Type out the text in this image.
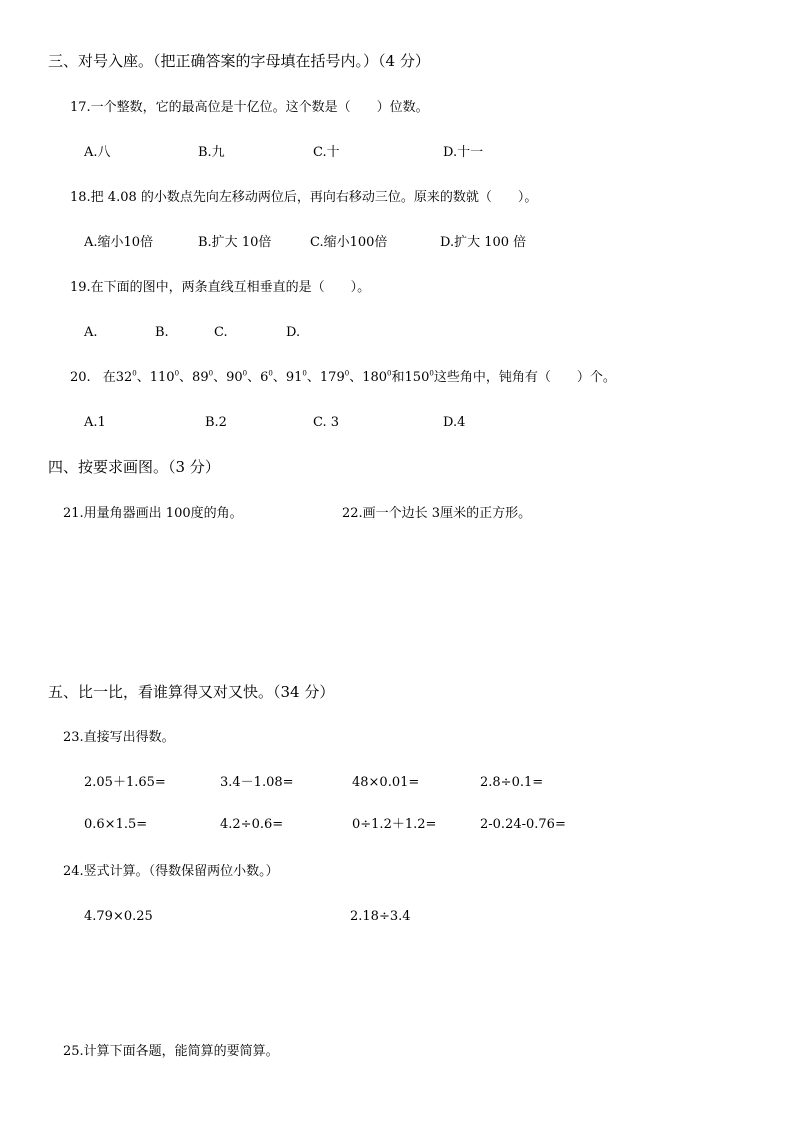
三、对号入座。（把正确答案的字母填在括号内。）（4 分）
17.一个整数，它的最高位是十亿位。这个数是（　　）位数。
A.八	B.九	C.十	D.十一
18.把 4.08 的小数点先向左移动两位后，再向右移动三位。原来的数就（　　）。
A.缩小10倍	B.扩大 10倍	C.缩小100倍	D.扩大 100 倍
19.在下面的图中，两条直线互相垂直的是（　　）。
A.	B.	C.	D.
20. 在$32^0$、$110^0$、$89^0$、$90^0$、$6^0$、$91^0$、$179^0$、$180^0$和$150^0$这些角中，钝角有（　　）个。
A.1	B.2	C. 3	D.4
四、按要求画图。（3 分）
21.用量角器画出 100度的角。	22.画一个边长 3厘米的正方形。
五、比一比，看谁算得又对又快。（34 分）
23.直接写出得数。
2.05＋1.65=	3.4－1.08=	48×0.01=	2.8÷0.1=
0.6×1.5=	4.2÷0.6=	0÷1.2＋1.2=	2-0.24-0.76=
24.竖式计算。（得数保留两位小数。）
4.79×0.25	2.18÷3.4
25.计算下面各题，能简算的要简算。
